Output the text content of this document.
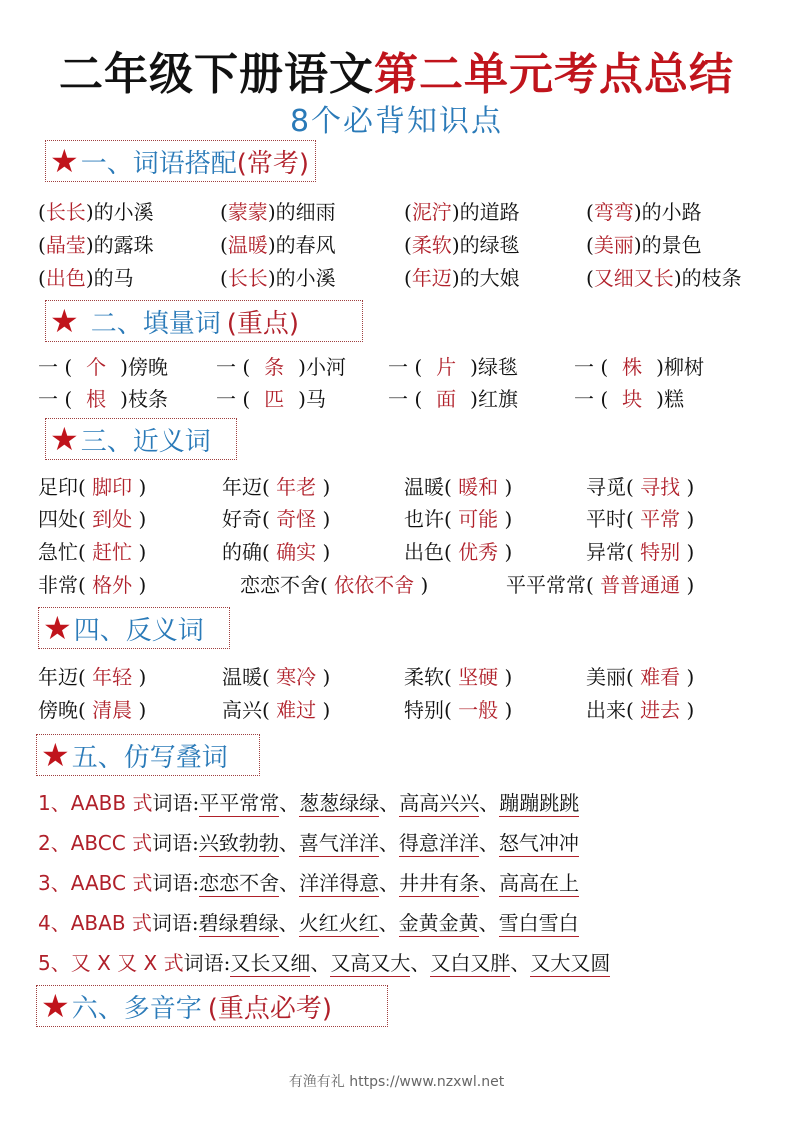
二年级下册语文第二单元考点总结
8个必背知识点
★ 一、词语搭配 (常考)
(长长)的小溪	(蒙蒙)的细雨	(泥泞)的道路	(弯弯)的小路
(晶莹)的露珠	(温暖)的春风	(柔软)的绿毯	(美丽)的景色
(出色)的马	(长长)的小溪	(年迈)的大娘	(又细又长)的枝条
★ 二、填量词 (重点)
一 ( 个 )傍晚 一 ( 条 )小河 一 ( 片 )绿毯	一 ( 株 )柳树
一 ( 根 )枝条 一 ( 匹 )马	一 ( 面 )红旗	一 ( 块 )糕
★ 三、近义词
足印( 脚印 )	年迈( 年老 )	温暖( 暖和 )	寻觅( 寻找 )
四处( 到处 )	好奇( 奇怪 )	也许( 可能 )	平时( 平常 )
急忙( 赶忙 )	的确( 确实 )	出色( 优秀 )	异常( 特别 )
非常( 格外 )	恋恋不舍( 依依不舍 )	平平常常( 普普通通 )
★ 四、反义词
年迈( 年轻 )	温暖( 寒冷 )	柔软( 坚硬 )	美丽( 难看 )
傍晚( 清晨 )	高兴( 难过 )	特别( 一般 )	出来( 进去 )
★ 五、仿写叠词
1、AABB 式词语:平平常常、葱葱绿绿、高高兴兴、蹦蹦跳跳
2、ABCC 式词语:兴致勃勃、喜气洋洋、得意洋洋、怒气冲冲
3、AABC 式词语:恋恋不舍、洋洋得意、井井有条、高高在上
4、ABAB 式词语:碧绿碧绿、火红火红、金黄金黄、雪白雪白
5、又 X 又 X 式词语:又长又细、又高又大、又白又胖、又大又圆
★ 六、多音字 (重点必考)
有渔有礼 https://www.nzxwl.net
